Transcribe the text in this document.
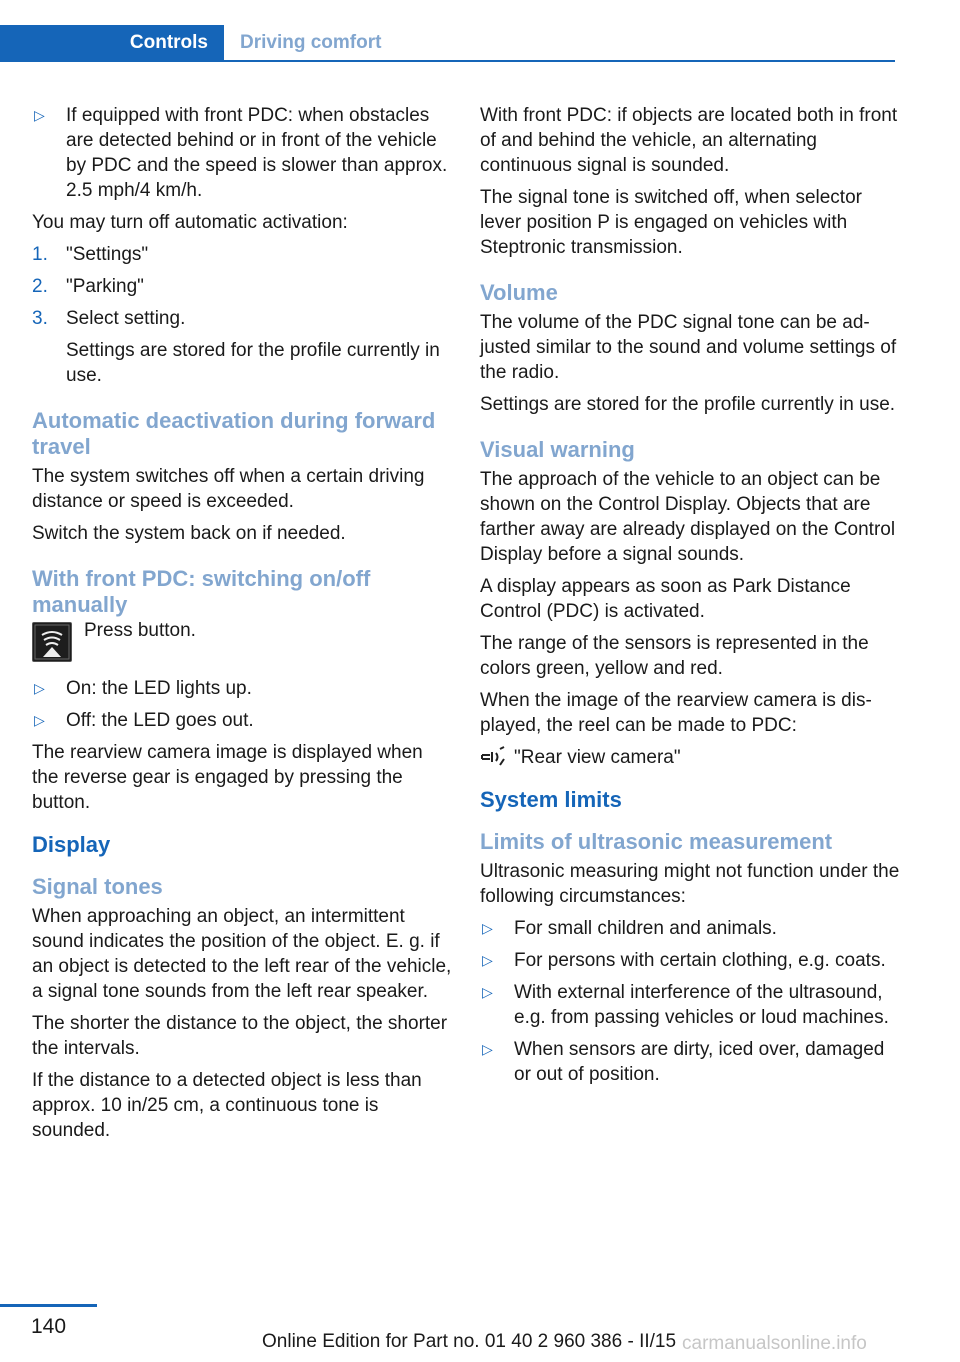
Controls	Driving comfort
▷ If equipped with front PDC: when obstacles are detected behind or in front of the vehicle by PDC and the speed is slower than approx. 2.5 mph/4 km/h.

You may turn off automatic activation:

1. "Settings"
2. "Parking"
3. Select setting.

Settings are stored for the profile currently in use.

Automatic deactivation during forward travel

The system switches off when a certain driving distance or speed is exceeded.

Switch the system back on if needed.

With front PDC: switching on/off manually
Press button.
▷ On: the LED lights up.
▷ Off: the LED goes out.

The rearview camera image is displayed when the reverse gear is engaged by pressing the button.

Display
Signal tones

When approaching an object, an intermittent sound indicates the position of the object. E. g. if an object is detected to the left rear of the vehicle, a signal tone sounds from the left rear speaker.

The shorter the distance to the object, the shorter the intervals.

If the distance to a detected object is less than approx. 10 in/25 cm, a continuous tone is sounded.

With front PDC: if objects are located both in front of and behind the vehicle, an alternating continuous signal is sounded.

The signal tone is switched off, when selector lever position P is engaged on vehicles with Steptronic transmission.

Volume

The volume of the PDC signal tone can be adjusted similar to the sound and volume settings of the radio.

Settings are stored for the profile currently in use.

Visual warning

The approach of the vehicle to an object can be shown on the Control Display. Objects that are farther away are already displayed on the Control Display before a signal sounds.

A display appears as soon as Park Distance Control (PDC) is activated.

The range of the sensors is represented in the colors green, yellow and red.

When the image of the rearview camera is displayed, the reel can be made to PDC:

"Rear view camera"
System limits
Limits of ultrasonic measurement

Ultrasonic measuring might not function under the following circumstances:

▷ For small children and animals.
▷ For persons with certain clothing, e.g. coats.
▷ With external interference of the ultrasound, e.g. from passing vehicles or loud machines.
▷ When sensors are dirty, iced over, damaged or out of position.
140
Online Edition for Part no. 01 40 2 960 386 - II/15 carmanualsonline.info
